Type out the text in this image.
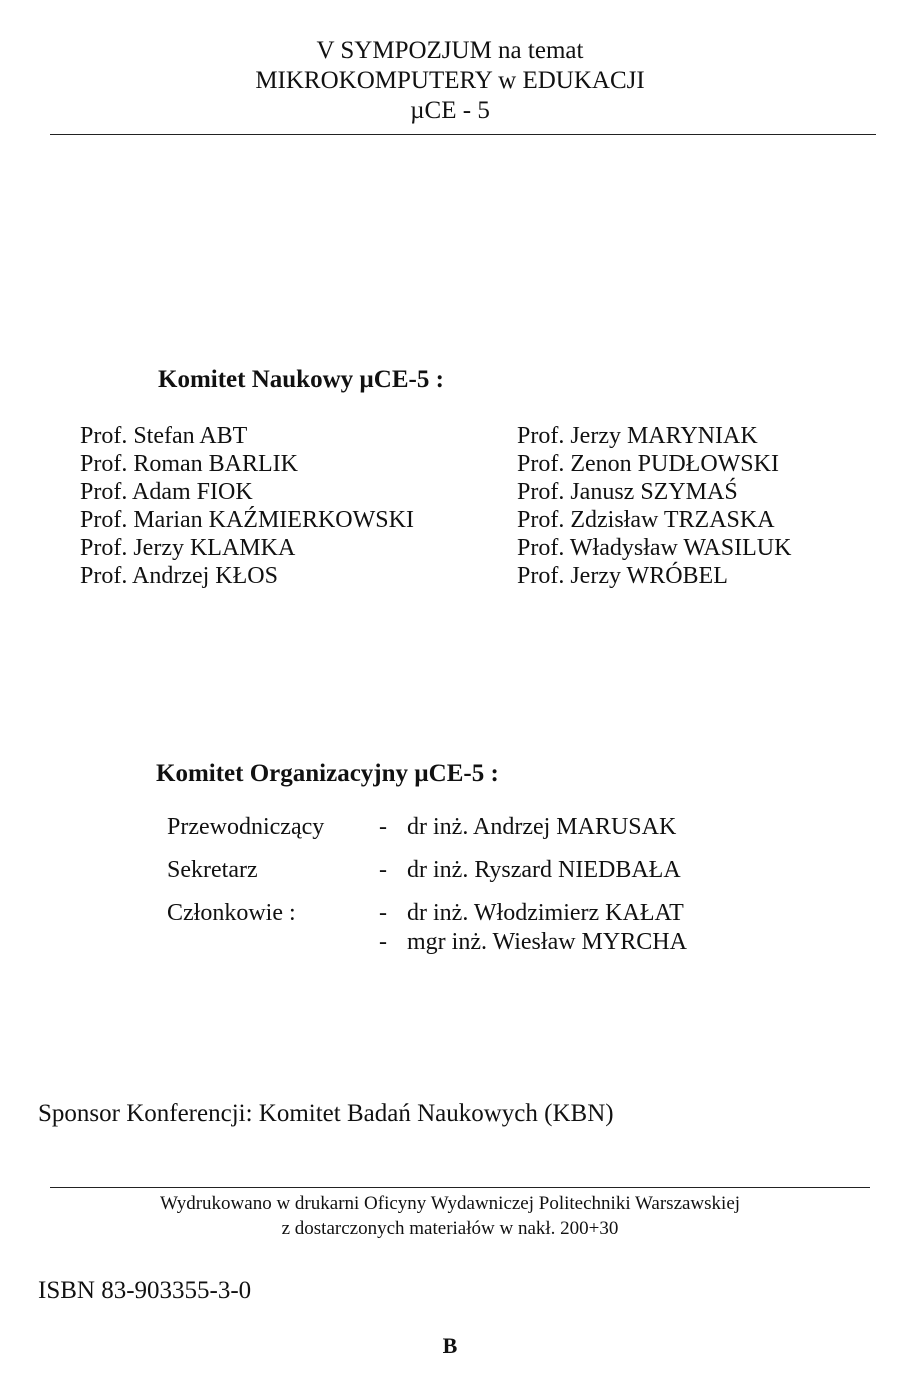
V SYMPOZJUM na temat
MIKROKOMPUTERY w EDUKACJI
µCE - 5
Komitet Naukowy µCE-5 :

Prof. Stefan ABT

Prof. Roman BARLIK

Prof. Adam FIOK

Prof. Marian KAŹMIERKOWSKI

Prof. Jerzy KLAMKA

Prof. Andrzej KŁOS

Prof. Jerzy MARYNIAK

Prof. Zenon PUDŁOWSKI

Prof. Janusz SZYMAŚ

Prof. Zdzisław TRZASKA

Prof. Władysław WASILUK

Prof. Jerzy WRÓBEL

Komitet Organizacyjny µCE-5 :
Przewodniczący - dr inż. Andrzej MARUSAK
Sekretarz	- dr inż. Ryszard NIEDBAŁA
Członkowie :	- dr inż. Włodzimierz KAŁAT
- mgr inż. Wiesław MYRCHA
Sponsor Konferencji: Komitet Badań Naukowych (KBN)
Wydrukowano w drukarni Oficyny Wydawniczej Politechniki Warszawskiej
z dostarczonych materiałów w nakł. 200+30
ISBN 83-903355-3-0
B
